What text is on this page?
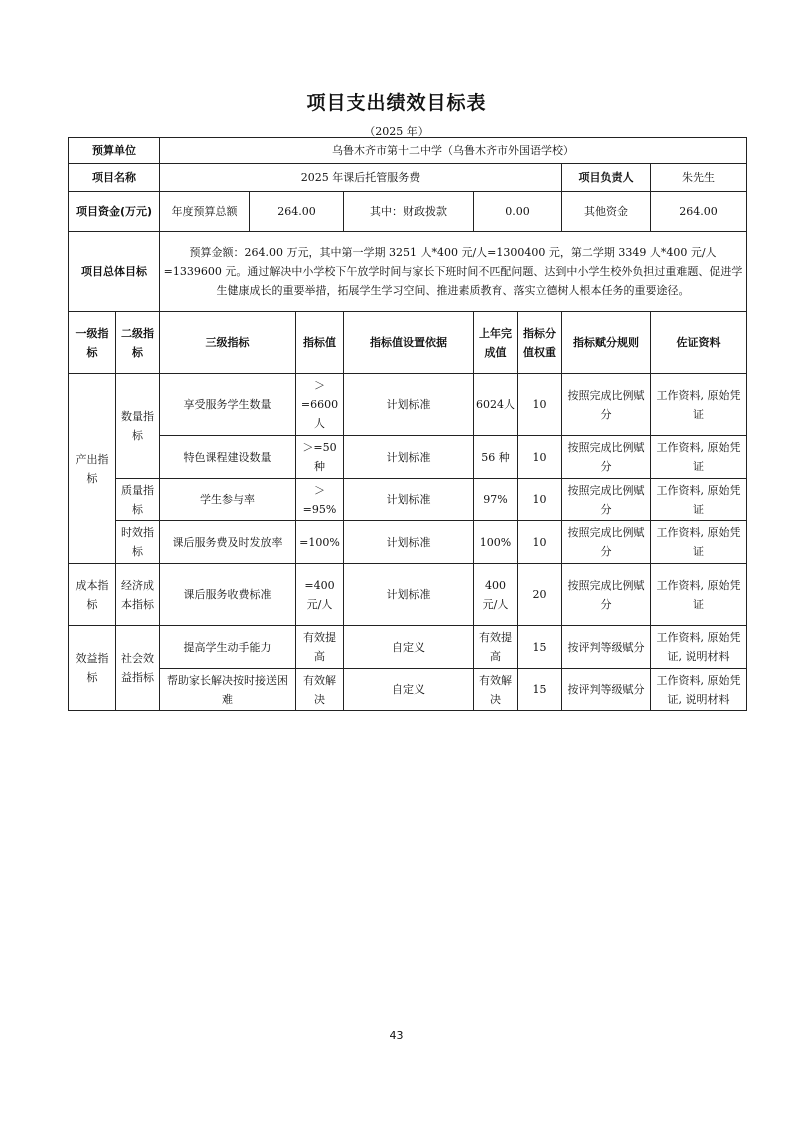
项目支出绩效目标表
（2025 年）
预算单位		乌鲁木齐市第十二中学（乌鲁木齐市外国语学校）							
项目名称		2025 年课后托管服务费						项目负责人	朱先生
项目资金(万元)		年度预算总额	264.00		其中：财政拨款	0.00		其他资金	264.00
项目总体目标		预算金额：264.00 万元，其中第一学期 3251 人*400 元/人=1300400 元，第二学期 3349 人*400 元/人=1339600 元。通过解决中小学校下午放学时间与家长下班时间不匹配问题、达到中小学生校外负担过重难题、促进学生健康成长的重要举措，拓展学生学习空间、推进素质教育、落实立德树人根本任务的重要途径。							
一级指标	二级指标	三级指标		指标值	指标值设置依据	上年完成值	指标分值权重	指标赋分规则	佐证资料
产出指标	数量指标	享受服务学生数量		＞=6600人	计划标准	6024人	10	按照完成比例赋分	工作资料, 原始凭证
		特色课程建设数量		＞=50种	计划标准	56 种	10	按照完成比例赋分	工作资料, 原始凭证
	质量指标	学生参与率		＞=95%	计划标准	97%	10	按照完成比例赋分	工作资料, 原始凭证
	时效指标	课后服务费及时发放率		=100%	计划标准	100%	10	按照完成比例赋分	工作资料, 原始凭证
成本指标	经济成本指标	课后服务收费标准		=400元/人	计划标准	400 元/人	20	按照完成比例赋分	工作资料, 原始凭证
效益指标	社会效益指标	提高学生动手能力		有效提高	自定义	有效提高	15	按评判等级赋分	工作资料, 原始凭证, 说明材料
		帮助家长解决按时接送困难		有效解决	自定义	有效解决	15	按评判等级赋分	工作资料, 原始凭证, 说明材料
43
